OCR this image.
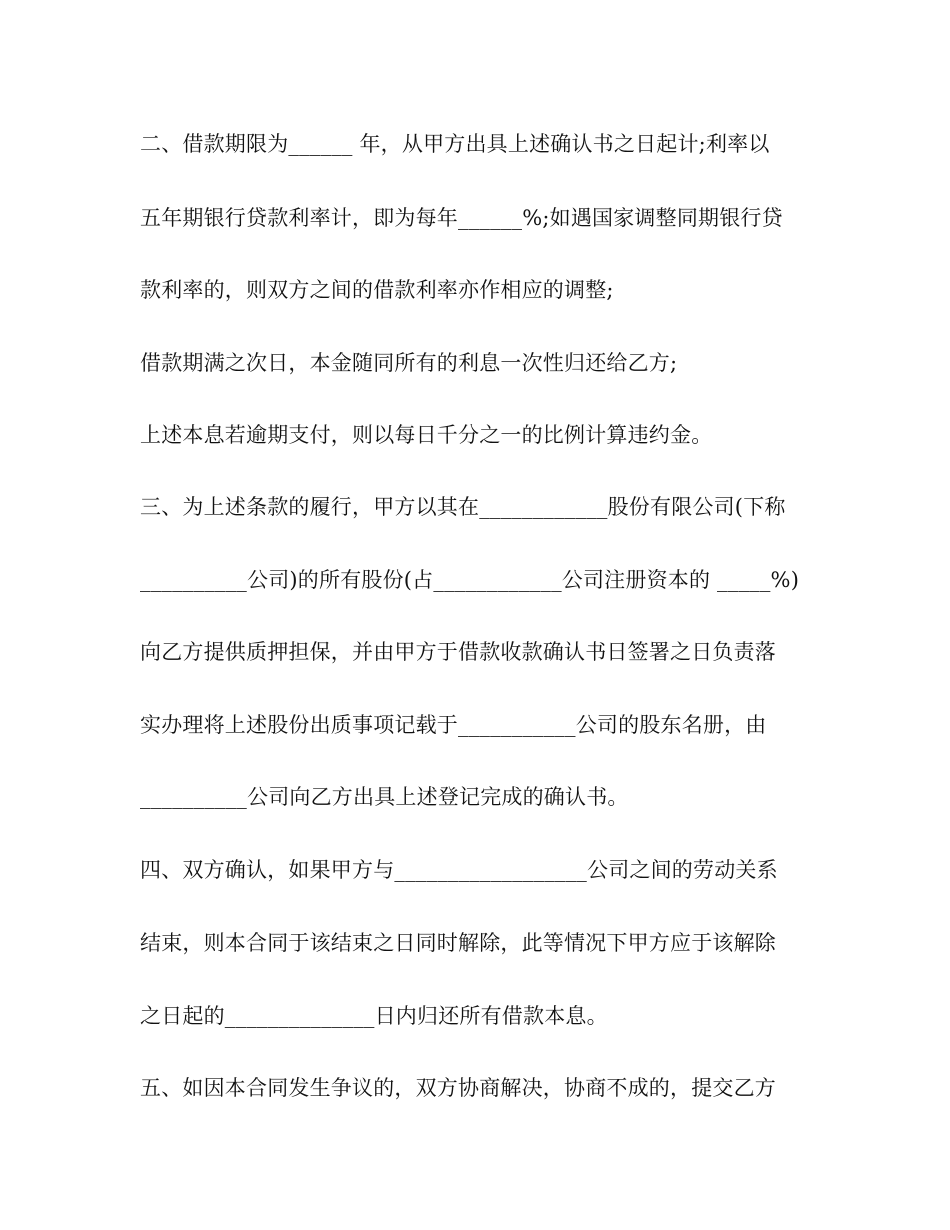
二、借款期限为______ 年，从甲方出具上述确认书之日起计;利率以
五年期银行贷款利率计，即为每年______%;如遇国家调整同期银行贷
款利率的，则双方之间的借款利率亦作相应的调整;
借款期满之次日，本金随同所有的利息一次性归还给乙方;
上述本息若逾期支付，则以每日千分之一的比例计算违约金。
三、为上述条款的履行，甲方以其在____________股份有限公司(下称
__________公司)的所有股份(占____________公司注册资本的 _____%)
向乙方提供质押担保，并由甲方于借款收款确认书日签署之日负责落
实办理将上述股份出质事项记载于___________公司的股东名册，由
__________公司向乙方出具上述登记完成的确认书。
四、双方确认，如果甲方与__________________公司之间的劳动关系
结束，则本合同于该结束之日同时解除，此等情况下甲方应于该解除
之日起的______________日内归还所有借款本息。
五、如因本合同发生争议的，双方协商解决，协商不成的，提交乙方
